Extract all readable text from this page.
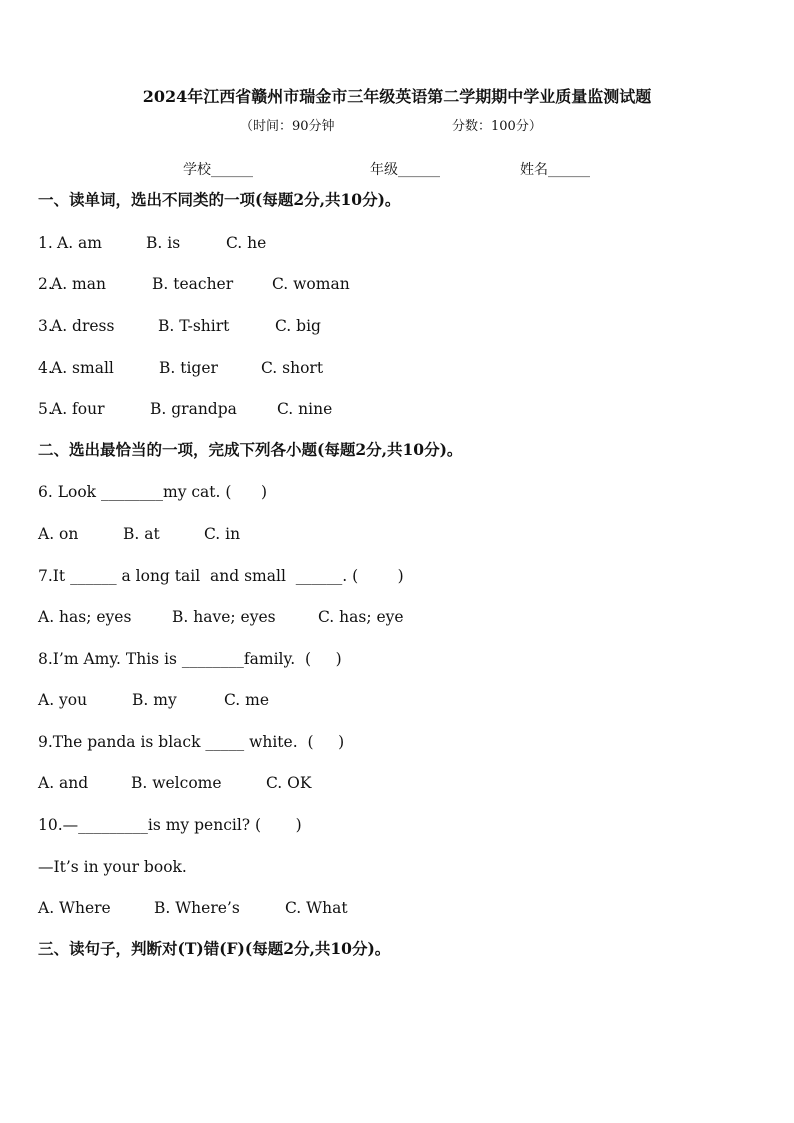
2024年江西省赣州市瑞金市三年级英语第二学期期中学业质量监测试题
（时间：90分钟	分数：100分）
学校______	年级______	姓名______
一、读单词，选出不同类的一项(每题2分,共10分)。
1. A. am	B. is	C. he
2.
A. man	B. teacher	C. woman
3.
A. dress	B. T-shirt	C. big
4.
A. small	B. tiger	C. short
5.
A. four	B. grandpa	C. nine
二、选出最恰当的一项，完成下列各小题(每题2分,共10分)。
6. Look ________my cat. (      )
A. on	B. at	C. in
7.It ______ a long tail  and small  ______. (        )
A. has; eyes	B. have; eyes	C. has; eye
8.I’m Amy. This is ________family.  (     )
A. you	B. my	C. me
9.The panda is black _____ white.  (     )
A. and	B. welcome	C. OK
10.—_________is my pencil? (       )
—It’s in your book.
A. Where	B. Where’s	C. What
三、读句子，判断对(T)错(F)(每题2分,共10分)。
